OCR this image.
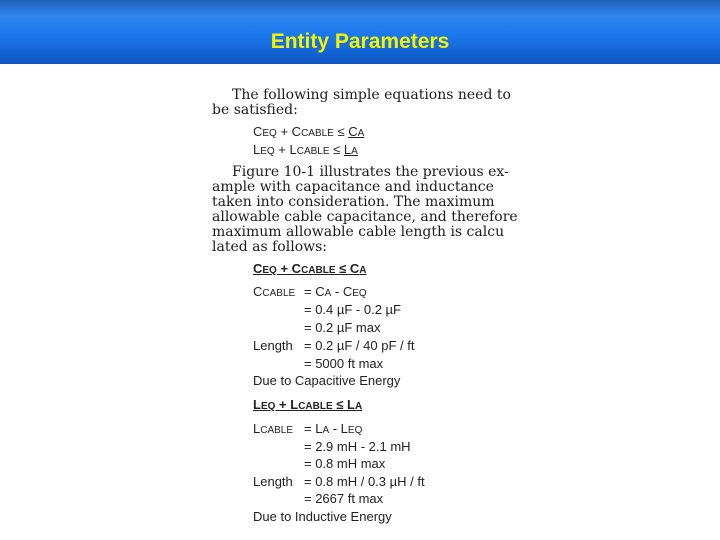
Entity Parameters
The following simple equations need to
be satisfied:
CEQ + CCABLE ≤ CA
LEQ + LCABLE ≤ LA
Figure 10-1 illustrates the previous ex-
ample with capacitance and inductance
taken into consideration. The maximum
allowable cable capacitance, and therefore
maximum allowable cable length is calcu
lated as follows:
CEQ + CCABLE ≤ CA
CCABLE = CA - CEQ
= 0.4 µF - 0.2 µF
= 0.2 µF max
Length = 0.2 µF / 40 pF / ft
= 5000 ft max
Due to Capacitive Energy
LEQ + LCABLE ≤ LA
LCABLE = LA - LEQ
= 2.9 mH - 2.1 mH
= 0.8 mH max
Length = 0.8 mH / 0.3 µH / ft
= 2667 ft max
Due to Inductive Energy
